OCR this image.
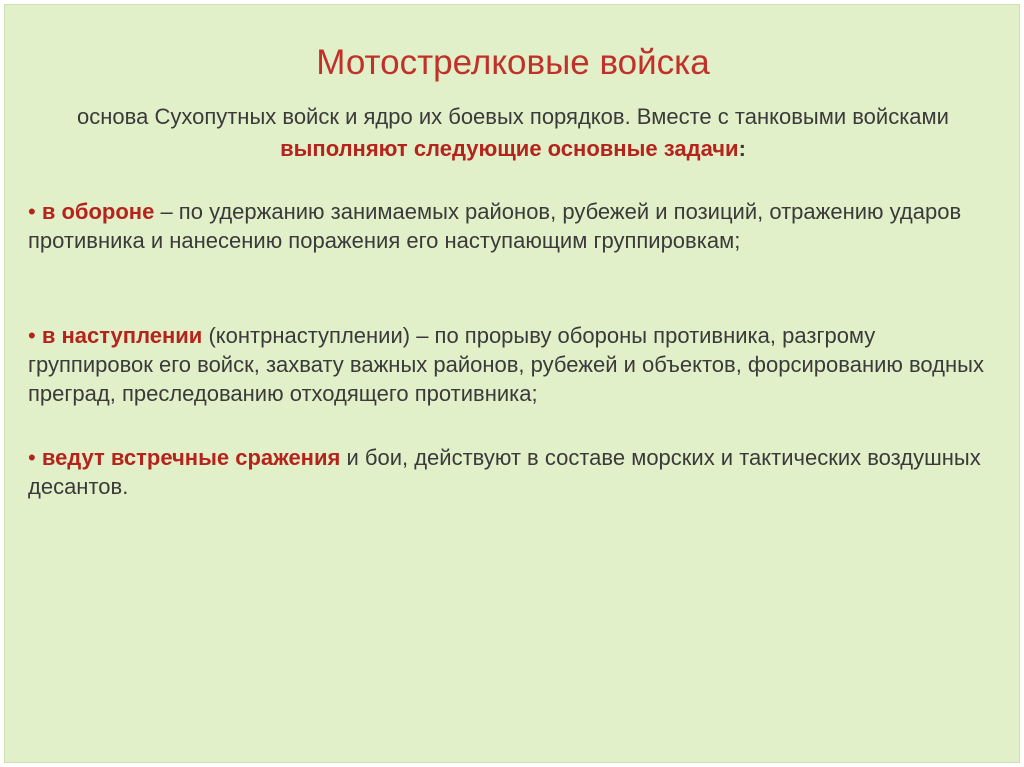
Мотострелковые войска
основа Сухопутных войск и ядро их боевых порядков. Вместе с танковыми войсками выполняют следующие основные задачи:
• в обороне – по удержанию занимаемых районов, рубежей и позиций, отражению ударов противника и нанесению поражения его наступающим группировкам;
• в наступлении (контрнаступлении) – по прорыву обороны противника, разгрому группировок его войск, захвату важных районов, рубежей и объектов, форсированию водных преград, преследованию отходящего противника;
• ведут встречные сражения и бои, действуют в составе морских и тактических воздушных десантов.
